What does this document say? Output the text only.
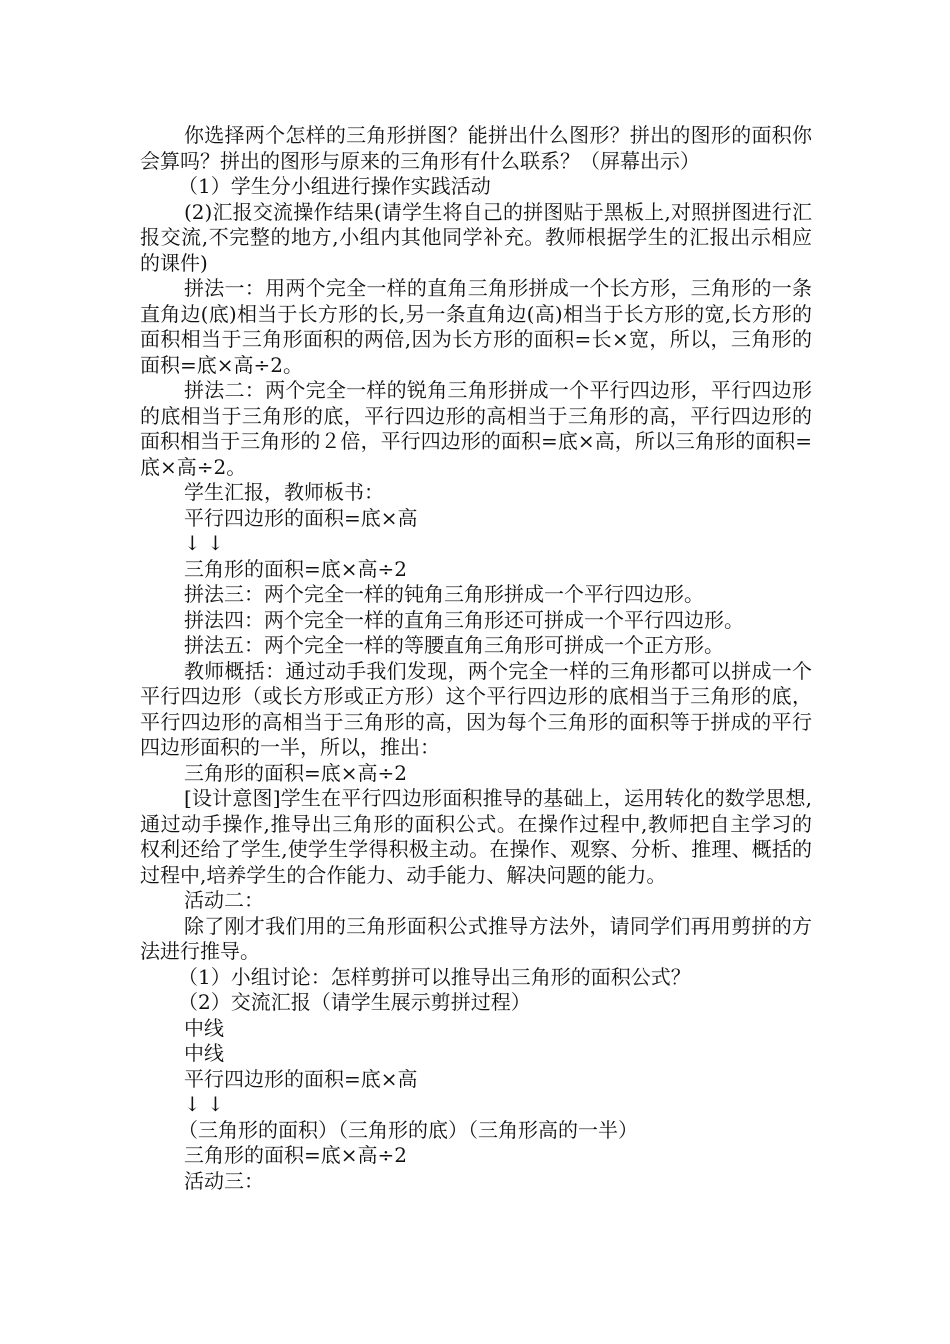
你选择两个怎样的三角形拼图？能拼出什么图形？拼出的图形的面积你会算吗？拼出的图形与原来的三角形有什么联系？（屏幕出示）

（1）学生分小组进行操作实践活动

(2)汇报交流操作结果(请学生将自己的拼图贴于黑板上,对照拼图进行汇报交流,不完整的地方,小组内其他同学补充。教师根据学生的汇报出示相应的课件)

拼法一：用两个完全一样的直角三角形拼成一个长方形，三角形的一条直角边(底)相当于长方形的长,另一条直角边(高)相当于长方形的宽,长方形的面积相当于三角形面积的两倍,因为长方形的面积=长×宽，所以，三角形的面积=底×高÷2。

拼法二：两个完全一样的锐角三角形拼成一个平行四边形，平行四边形的底相当于三角形的底，平行四边形的高相当于三角形的高，平行四边形的面积相当于三角形的２倍，平行四边形的面积=底×高，所以三角形的面积=底×高÷2。

学生汇报，教师板书：

平行四边形的面积=底×高

↓ ↓

三角形的面积=底×高÷2

拼法三：两个完全一样的钝角三角形拼成一个平行四边形。

拼法四：两个完全一样的直角三角形还可拼成一个平行四边形。

拼法五：两个完全一样的等腰直角三角形可拼成一个正方形。

教师概括：通过动手我们发现，两个完全一样的三角形都可以拼成一个平行四边形（或长方形或正方形）这个平行四边形的底相当于三角形的底，平行四边形的高相当于三角形的高，因为每个三角形的面积等于拼成的平行四边形面积的一半，所以，推出：

三角形的面积=底×高÷2

[设计意图]学生在平行四边形面积推导的基础上，运用转化的数学思想,通过动手操作,推导出三角形的面积公式。在操作过程中,教师把自主学习的权利还给了学生,使学生学得积极主动。在操作、观察、分析、推理、概括的过程中,培养学生的合作能力、动手能力、解决问题的能力。

活动二：

除了刚才我们用的三角形面积公式推导方法外，请同学们再用剪拼的方法进行推导。

（1）小组讨论：怎样剪拼可以推导出三角形的面积公式？

（2）交流汇报（请学生展示剪拼过程）

中线

中线

平行四边形的面积=底×高

↓ ↓

（三角形的面积）（三角形的底）（三角形高的一半）

三角形的面积=底×高÷2

活动三：
